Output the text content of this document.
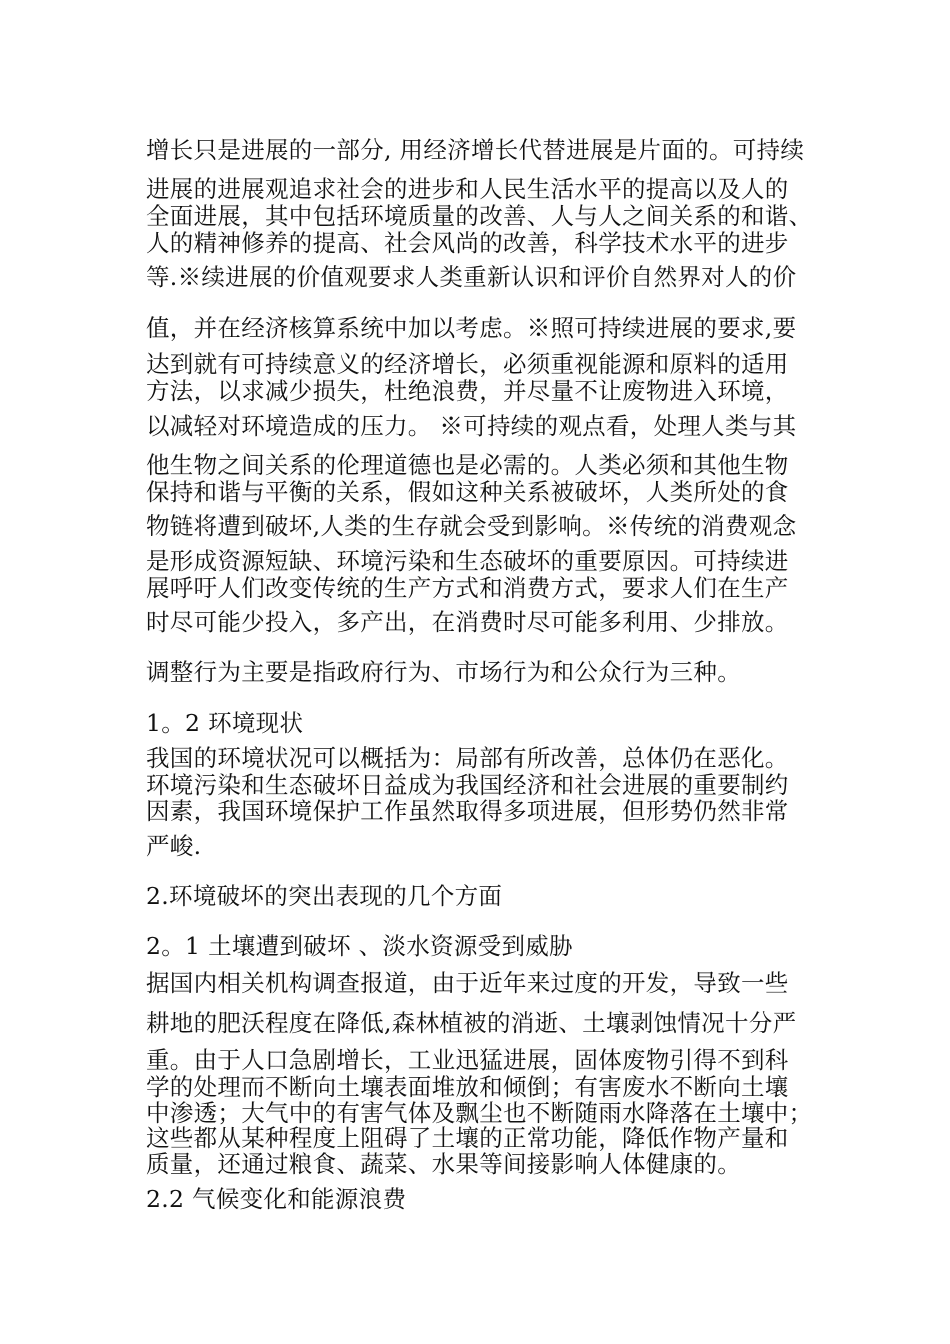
增长只是进展的一部分, 用经济增长代替进展是片面的。可持续

进展的进展观追求社会的进步和人民生活水平的提高以及人的

全面进展，其中包括环境质量的改善、人与人之间关系的和谐、

人的精神修养的提高、社会风尚的改善，科学技术水平的进步

等.※续进展的价值观要求人类重新认识和评价自然界对人的价

值，并在经济核算系统中加以考虑。※照可持续进展的要求,要

达到就有可持续意义的经济增长，必须重视能源和原料的适用

方法，以求减少损失，杜绝浪费，并尽量不让废物进入环境，

以减轻对环境造成的压力。 ※可持续的观点看，处理人类与其

他生物之间关系的伦理道德也是必需的。人类必须和其他生物

保持和谐与平衡的关系，假如这种关系被破坏，人类所处的食

物链将遭到破坏,人类的生存就会受到影响。※传统的消费观念

是形成资源短缺、环境污染和生态破坏的重要原因。可持续进

展呼吁人们改变传统的生产方式和消费方式，要求人们在生产

时尽可能少投入，多产出，在消费时尽可能多利用、少排放。

调整行为主要是指政府行为、市场行为和公众行为三种。

1。2 环境现状

我国的环境状况可以概括为：局部有所改善，总体仍在恶化。

环境污染和生态破坏日益成为我国经济和社会进展的重要制约

因素，我国环境保护工作虽然取得多项进展，但形势仍然非常

严峻.

2.环境破坏的突出表现的几个方面

2。1 土壤遭到破坏 、淡水资源受到威胁

据国内相关机构调查报道，由于近年来过度的开发，导致一些

耕地的肥沃程度在降低,森林植被的消逝、土壤剥蚀情况十分严

重。由于人口急剧增长，工业迅猛进展，固体废物引得不到科

学的处理而不断向土壤表面堆放和倾倒；有害废水不断向土壤

中渗透；大气中的有害气体及飘尘也不断随雨水降落在土壤中；

这些都从某种程度上阻碍了土壤的正常功能，降低作物产量和

质量，还通过粮食、蔬菜、水果等间接影响人体健康的。

2.2 气候变化和能源浪费
